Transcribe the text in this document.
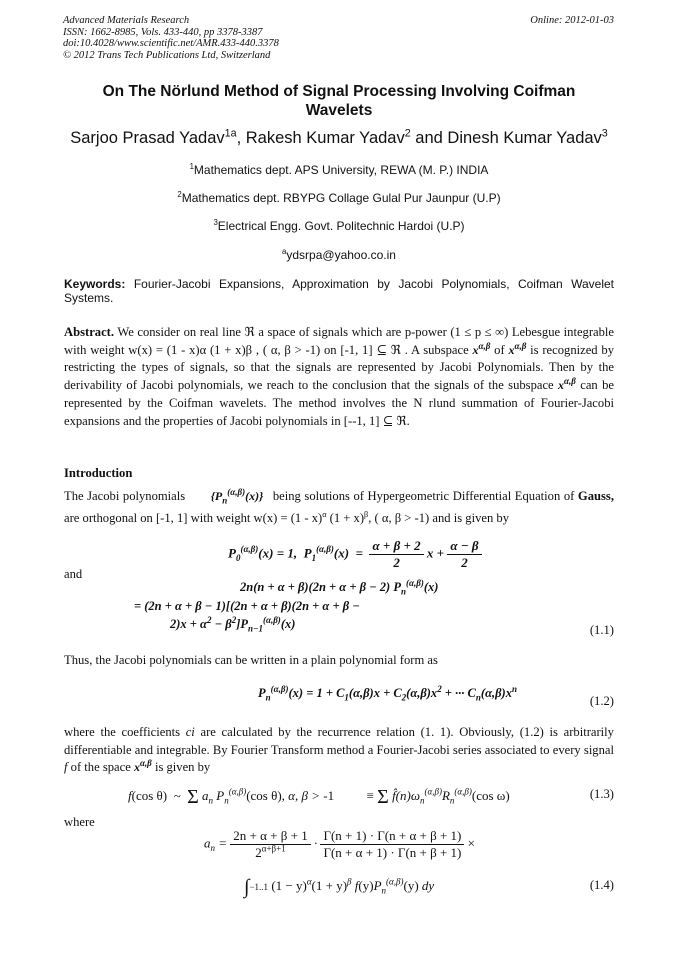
Advanced Materials Research
ISSN: 1662-8985, Vols. 433-440, pp 3378-3387
doi:10.4028/www.scientific.net/AMR.433-440.3378
© 2012 Trans Tech Publications Ltd, Switzerland
Online: 2012-01-03
On The Nörlund Method of Signal Processing Involving Coifman Wavelets
Sarjoo Prasad Yadav$^{1a}$, Rakesh Kumar Yadav$^2$ and Dinesh Kumar Yadav$^3$
$^1$Mathematics dept. APS University, REWA (M. P.) INDIA
$^2$Mathematics dept. RBYPG Collage Gulal Pur Jaunpur (U.P)
$^3$Electrical Engg. Govt. Politechnic Hardoi (U.P)
$^a$ydsrpa@yahoo.co.in
Keywords: Fourier-Jacobi Expansions, Approximation by Jacobi Polynomials, Coifman Wavelet Systems.
Abstract. We consider on real line ℜ a space of signals which are p-power (1 ≤ p ≤ ∞) Lebesgue integrable with weight w(x) = (1 - x)α (1 + x)β , ( α, β > -1) on [-1, 1] ⊆ ℜ . A subspace $x^{\alpha,\beta}$ of $x^{\alpha,\beta}$ is recognized by restricting the types of signals, so that the signals are represented by Jacobi Polynomials. Then by the derivability of Jacobi polynomials, we reach to the conclusion that the signals of the subspace $x^{\alpha,\beta}$ can be represented by the Coifman wavelets. The method involves the N rlund summation of Fourier-Jacobi expansions and the properties of Jacobi polynomials in [--1, 1] ⊆ ℜ.
Introduction
The Jacobi polynomials $\{P_n^{(\alpha,\beta)}(x)\}$ being solutions of Hypergeometric Differential Equation of Gauss, are orthogonal on [-1, 1] with weight w(x) = (1 - x)$^\alpha$ $(1 + x)^\beta$, ( α, β > -1) and is given by
$P_0^{(\alpha,\beta)}(x) = 1$,  $P_1^{(\alpha,\beta)}(x) = \frac{\alpha + \beta + 2}{2}$ $x + \frac{\alpha - \beta}{2}$
and
2n(n + α + β)(2n + α + β − 2) $P_n^{(\alpha,\beta)}(x)$
= (2n + α + β − 1)[(2n + α + β)(2n + α + β −
$2)x + \alpha^2 - \beta^2]P_{n-1}^{(\alpha,\beta)}(x)$	(1.1)
Thus, the Jacobi polynomials can be written in a plain polynomial form as
$P_n^{(\alpha,\beta)}(x) = 1 + C_1(\alpha,\beta)x + C_2(\alpha,\beta)x^2$ + ··· $C_n(\alpha,\beta)x^n$
(1.2)
where the coefficients ci are calculated by the recurrence relation (1. 1). Obviously, (1.2) is arbitrarily differentiable and integrable. By Fourier Transform method a Fourier-Jacobi series associated to every signal f of the space $x^{\alpha,\beta}$ is given by
f(cos θ)  ~  Σ $a_n$ $P_n^{(\alpha,\beta)}(\cos$ θ), α, β > -1	≡ Σ $f̂(n)\omega_n^{(\alpha,\beta)}R_n^{(\alpha,\beta)}(\cos$ ω)	(1.3)
where
$a_n = \frac{2n + \alpha + \beta + 1}{2^{\alpha+\beta+1}} \cdot \frac{\Gamma(n + 1) \cdot \Gamma(n + \alpha + \beta + 1)}{\Gamma(n + \alpha + 1) \cdot \Gamma(n + \beta + 1)}$ ×
∫−1..1 $(1 - y)^\alpha(1 + y)^\beta$ $f(y)P_n^{(\alpha,\beta)}(y)$ dy	(1.4)
